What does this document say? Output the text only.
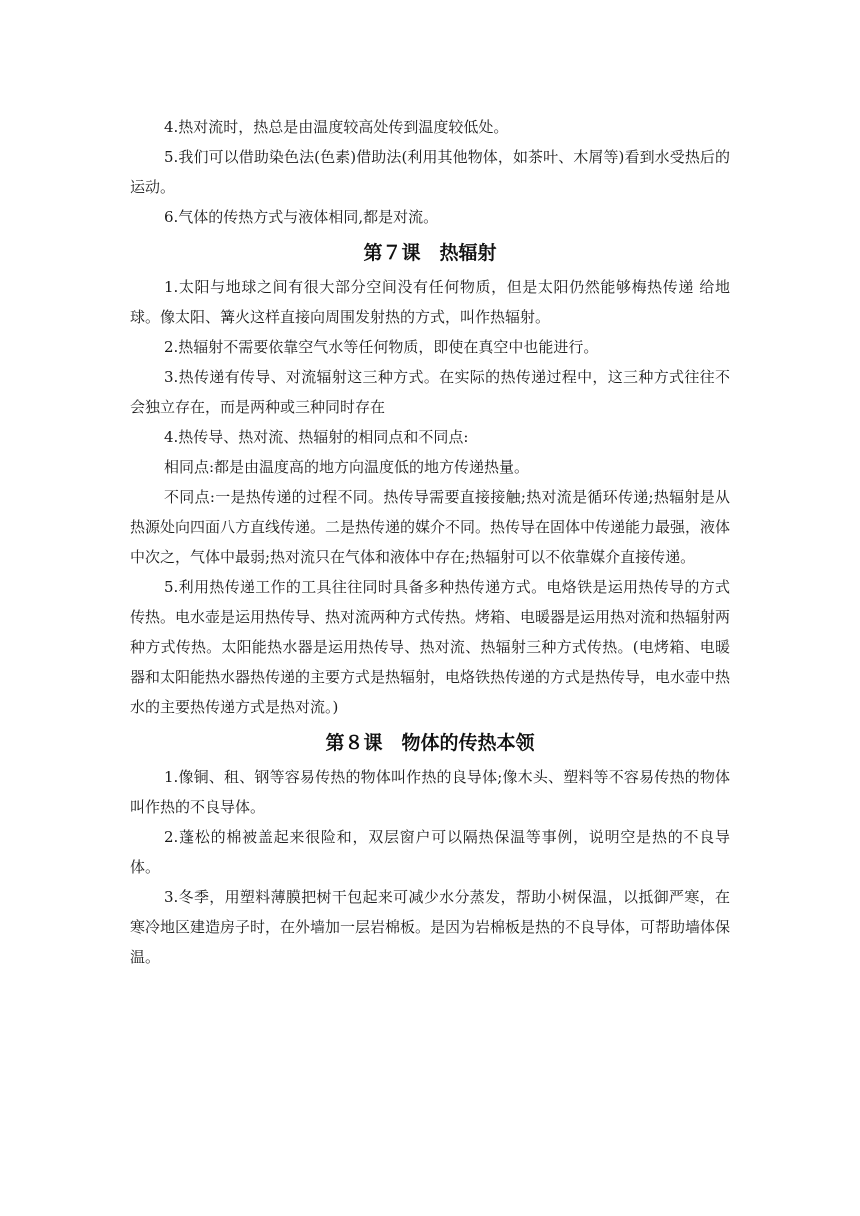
4.热对流时，热总是由温度较高处传到温度较低处。

5.我们可以借助染色法(色素)借助法(利用其他物体，如茶叶、木屑等)看到水受热后的运动。

6.气体的传热方式与液体相同,都是对流。

第７课　热辐射

1.太阳与地球之间有很大部分空间没有任何物质，但是太阳仍然能够梅热传递 给地球。像太阳、篝火这样直接向周围发射热的方式，叫作热辐射。

2.热辐射不需要依靠空气水等任何物质，即使在真空中也能进行。

3.热传递有传导、对流辐射这三种方式。在实际的热传递过程中，这三种方式往往不会独立存在，而是两种或三种同时存在

4.热传导、热对流、热辐射的相同点和不同点:

相同点:都是由温度高的地方向温度低的地方传递热量。

不同点:一是热传递的过程不同。热传导需要直接接触;热对流是循环传递;热辐射是从热源处向四面八方直线传递。二是热传递的媒介不同。热传导在固体中传递能力最强，液体中次之，气体中最弱;热对流只在气体和液体中存在;热辐射可以不依靠媒介直接传递。

5.利用热传递工作的工具往往同时具备多种热传递方式。电烙铁是运用热传导的方式传热。电水壶是运用热传导、热对流两种方式传热。烤箱、电暖器是运用热对流和热辐射两种方式传热。太阳能热水器是运用热传导、热对流、热辐射三种方式传热。(电烤箱、电暖器和太阳能热水器热传递的主要方式是热辐射，电烙铁热传递的方式是热传导，电水壶中热水的主要热传递方式是热对流。)

第８课　物体的传热本领

1.像铜、租、钢等容易传热的物体叫作热的良导体;像木头、塑料等不容易传热的物体叫作热的不良导体。

2.蓬松的棉被盖起来很险和，双层窗户可以隔热保温等事例，说明空是热的不良导体。

3.冬季，用塑料薄膜把树干包起来可减少水分蒸发，帮助小树保温，以抵御严寒，在寒冷地区建造房子时，在外墙加一层岩棉板。是因为岩棉板是热的不良导体，可帮助墙体保温。
